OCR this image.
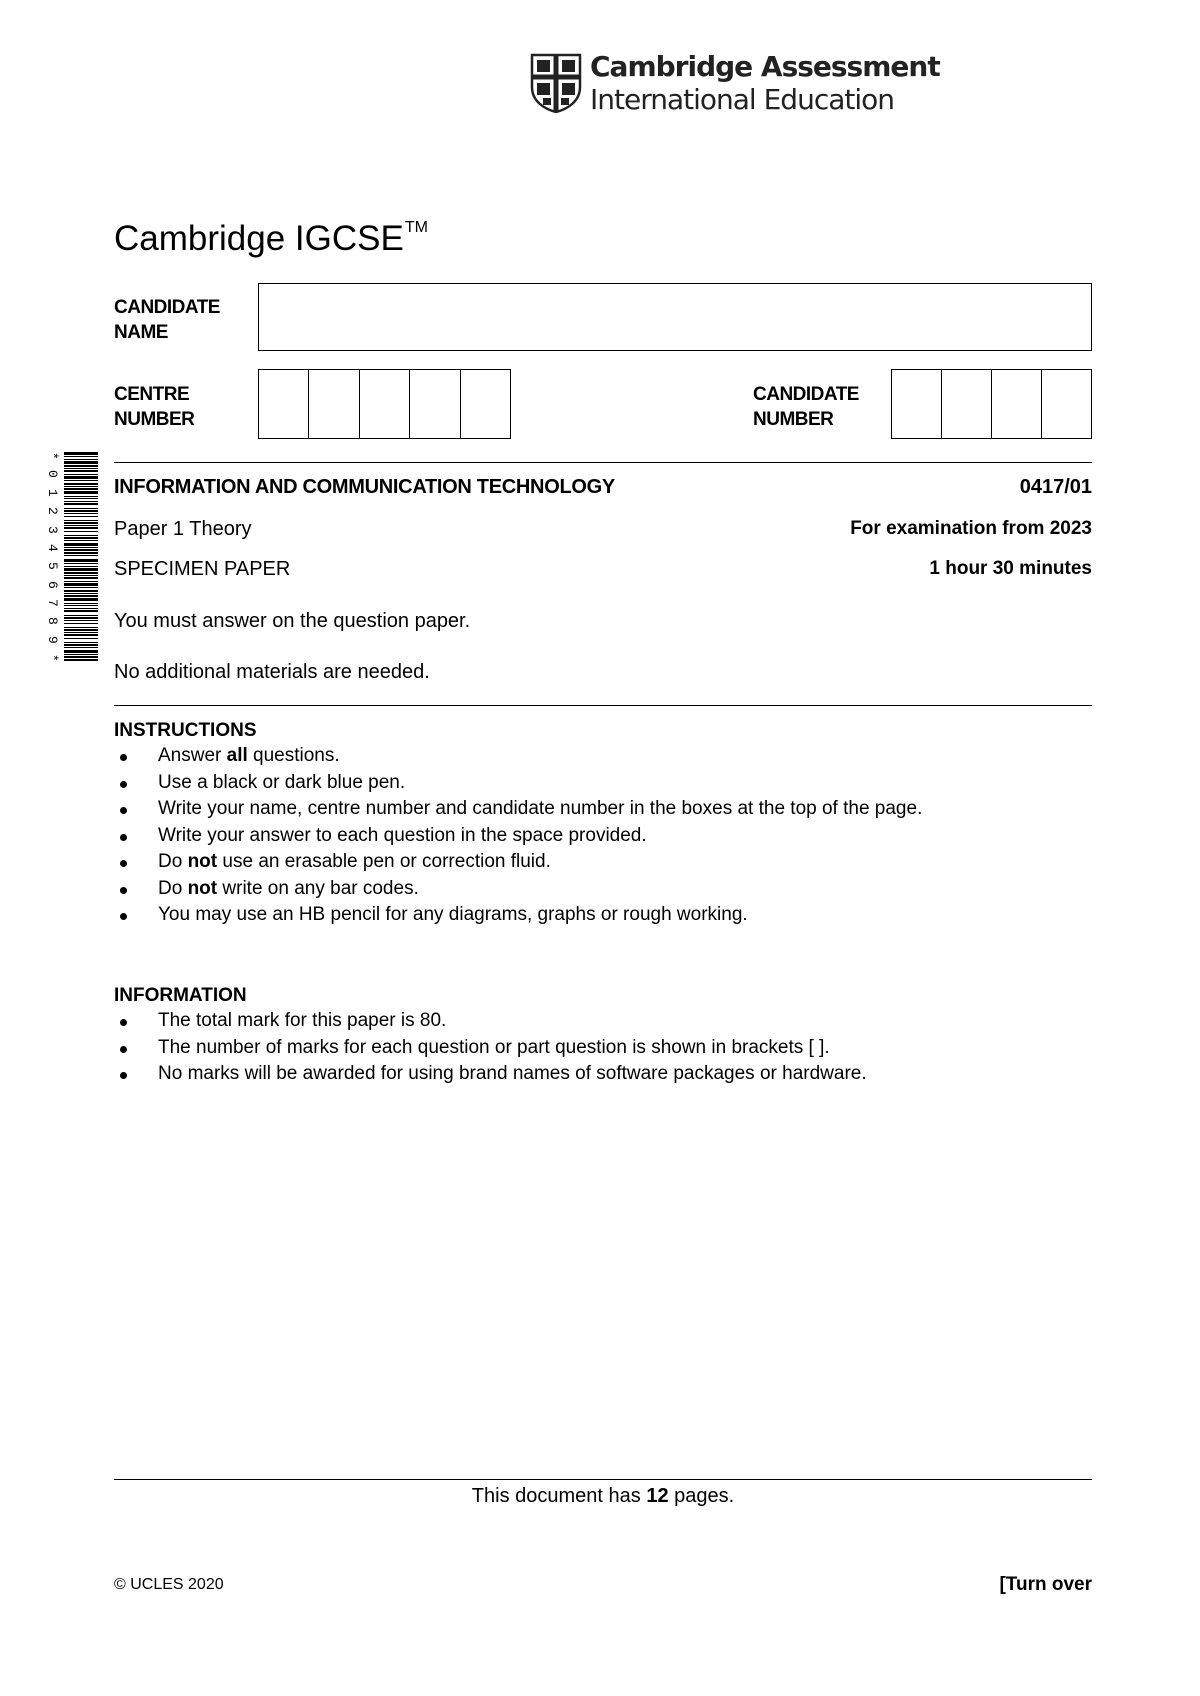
Cambridge Assessment
International Education
Cambridge IGCSE™
CANDIDATE
NAME
CENTRE
NUMBER
CANDIDATE
NUMBER
*
0
1
2
3
4
5
6
7
8
9
*
INFORMATION AND COMMUNICATION TECHNOLOGY	0417/01
Paper 1 Theory	For examination from 2023
SPECIMEN PAPER	1 hour 30 minutes
You must answer on the question paper.
No additional materials are needed.
INSTRUCTIONS
Answer all questions.
Use a black or dark blue pen.
Write your name, centre number and candidate number in the boxes at the top of the page.
Write your answer to each question in the space provided.
Do not use an erasable pen or correction fluid.
Do not write on any bar codes.
You may use an HB pencil for any diagrams, graphs or rough working.
INFORMATION
The total mark for this paper is 80.
The number of marks for each question or part question is shown in brackets [ ].
No marks will be awarded for using brand names of software packages or hardware.
This document has 12 pages.
© UCLES 2020	[Turn over
